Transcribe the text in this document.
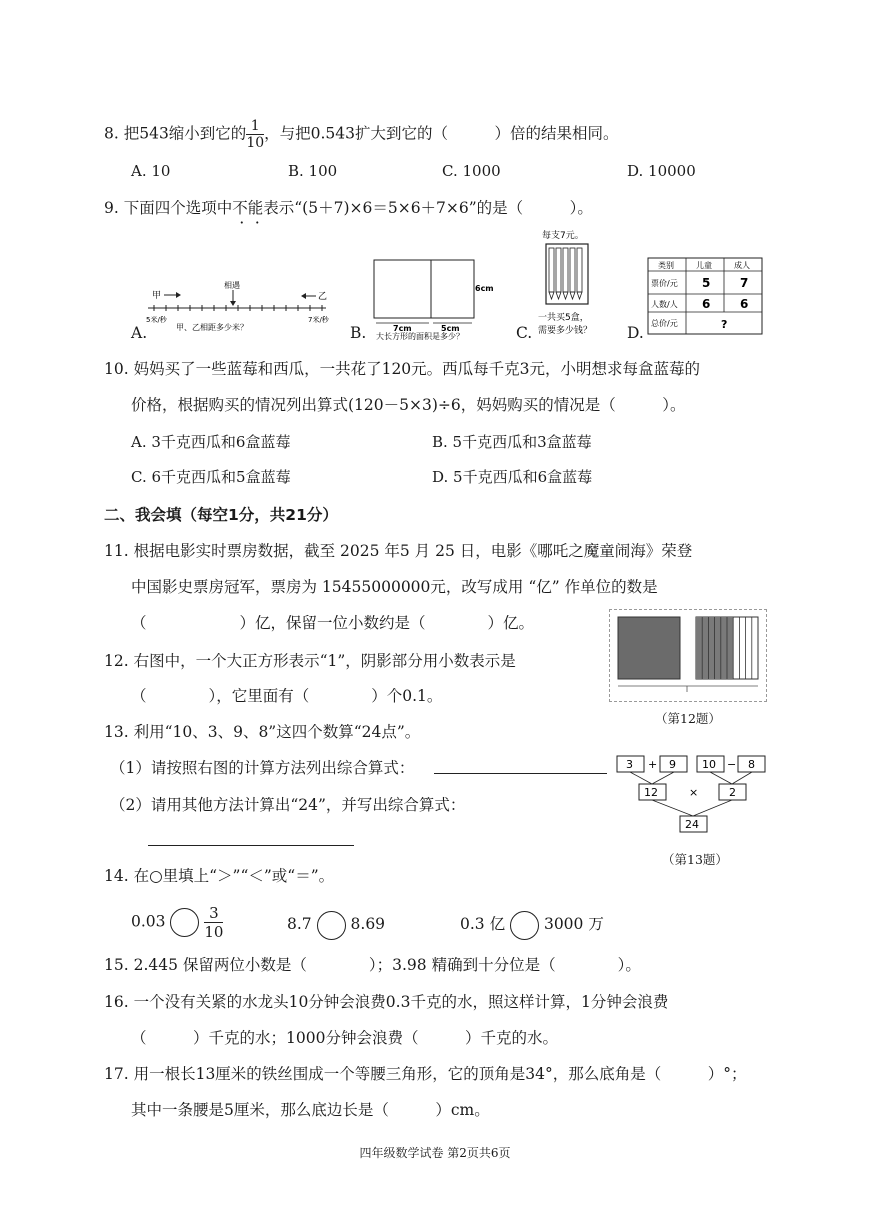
8. 把543缩小到它的 $\frac{1}{10}$ ，与把0.543扩大到它的（　　　）倍的结果相同。
A. 10	B. 100	C. 1000	D. 10000
9. 下面四个选项中不能表示“(5＋7)×6＝5×6＋7×6”的是（　　　）。
A.
甲
相遇
乙
5米/秒	7米/秒
甲、乙相距多少米？	B.
6cm
7cm	5cm
大长方形的面积是多少？	C.
每支7元。
一共买5盒，
需要多少钱？ D.
类别	儿童	成人
票价/元 5 7
人数/人 6 6
总价/元	?
10. 妈妈买了一些蓝莓和西瓜，一共花了120元。西瓜每千克3元，小明想求每盒蓝莓的
价格，根据购买的情况列出算式(120－5×3)÷6，妈妈购买的情况是（　　　）。
A. 3千克西瓜和6盒蓝莓	B. 5千克西瓜和3盒蓝莓
C. 6千克西瓜和5盒蓝莓	D. 5千克西瓜和6盒蓝莓
二、我会填（每空1分，共21分）
11. 根据电影实时票房数据，截至 2025 年5 月 25 日，电影《哪吒之魔童闹海》荣登
中国影史票房冠军，票房为 15455000000元，改写成用 “亿” 作单位的数是
（　　　　　　）亿，保留一位小数约是（　　　　）亿。
（第12题）
12. 右图中，一个大正方形表示“1”，阴影部分用小数表示是
（　　　　），它里面有（　　　　）个0.1。
13. 利用“10、3、9、8”这四个数算“24点”。
（1）请按照右图的计算方法列出综合算式：
（2）请用其他方法计算出“24”，并写出综合算式：
3 + 9 10 − 8
12	×	2
24
（第13题）
14. 在○里填上“＞”“＜”或“＝”。
0.03	$\frac{3}{10}$	8.7	8.69	0.3 亿	3000 万
15. 2.445 保留两位小数是（　　　　）；3.98 精确到十分位是（　　　　）。
16. 一个没有关紧的水龙头10分钟会浪费0.3千克的水，照这样计算，1分钟会浪费
（　　　）千克的水；1000分钟会浪费（　　　）千克的水。
17. 用一根长13厘米的铁丝围成一个等腰三角形，它的顶角是34°，那么底角是（　　　）°；
其中一条腰是5厘米，那么底边长是（　　　）cm。
四年级数学试卷 第2页共6页
